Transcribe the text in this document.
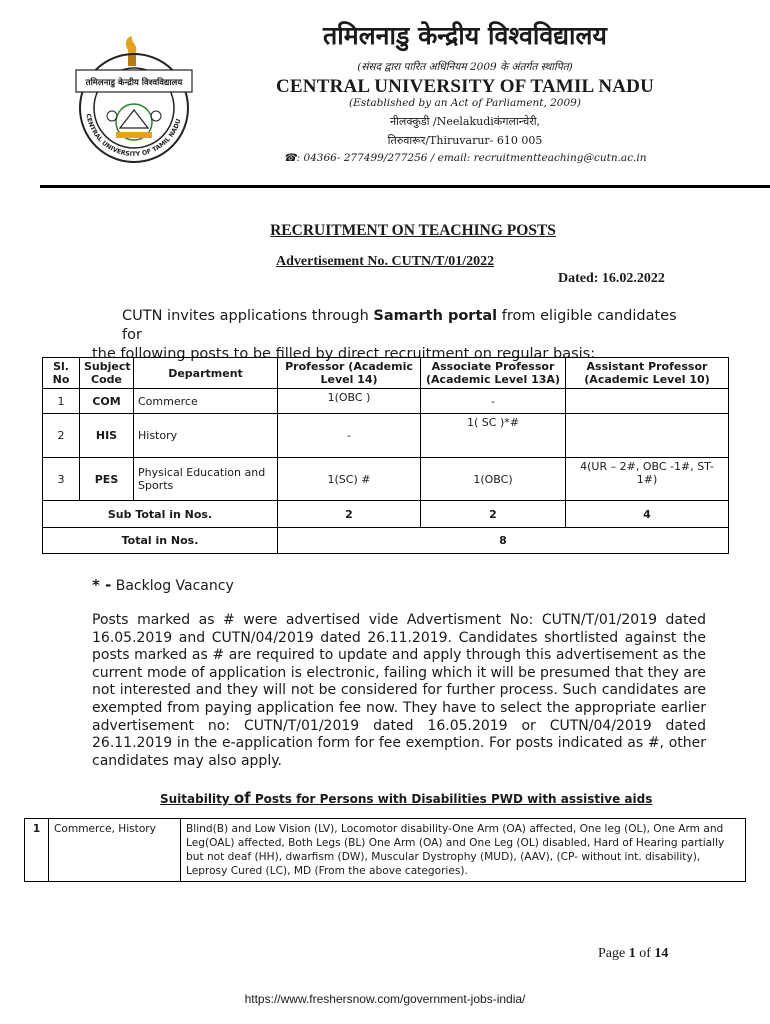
CENTRAL UNIVERSITY OF TAMIL NADU
तमिलनाडु केन्द्रीय विश्वविद्यालय
तमिलनाडु केन्द्रीय विश्वविद्यालय
(संसद द्वारा पारित अधिनियम 2009 के अंतर्गत स्थापित)
CENTRAL UNIVERSITY OF TAMIL NADU
(Established by an Act of Parliament, 2009)
नीलक्कुडी /Neelakudiकंगलान्चेरी,
तिरुवारूर/Thiruvarur- 610 005
☎: 04366- 277499/277256 / email: recruitmentteaching@cutn.ac.in
RECRUITMENT ON TEACHING POSTS
Advertisement No. CUTN/T/01/2022
Dated: 16.02.2022
CUTN invites applications through Samarth portal from eligible candidates for
the following posts to be filled by direct recruitment on regular basis:
Sl. No	Subject Code	Department	Professor (Academic Level 14)	Associate Professor (Academic Level 13A)	Assistant Professor (Academic Level 10)
1	COM	Commerce	1(OBC )	-	
2	HIS	History	-	1( SC )*#	
3	PES	Physical Education and Sports	1(SC) #	1(OBC)	4(UR – 2#, OBC -1#, ST-1#)
Sub Total in Nos.			2	2	4
Total in Nos.			8		
* - Backlog Vacancy
Posts marked as # were advertised vide Advertisment No: CUTN/T/01/2019 dated 16.05.2019 and CUTN/04/2019 dated 26.11.2019. Candidates shortlisted against the posts marked as # are required to update and apply through this advertisement as the current mode of application is electronic, failing which it will be presumed that they are not interested and they will not be considered for further process. Such candidates are exempted from paying application fee now. They have to select the appropriate earlier advertisement no: CUTN/T/01/2019 dated 16.05.2019 or CUTN/04/2019 dated 26.11.2019 in the e-application form for fee exemption. For posts indicated as #, other candidates may also apply.
Suitability of Posts for Persons with Disabilities PWD with assistive aids
1	Commerce, History	Blind(B) and Low Vision (LV), Locomotor disability-One Arm (OA) affected, One leg (OL), One Arm and Leg(OAL) affected, Both Legs (BL) One Arm (OA) and One Leg (OL) disabled, Hard of Hearing partially but not deaf (HH), dwarfism (DW), Muscular Dystrophy (MUD), (AAV), (CP- without int. disability), Leprosy Cured (LC), MD (From the above categories).
Page 1 of 14
https://www.freshersnow.com/government-jobs-india/
